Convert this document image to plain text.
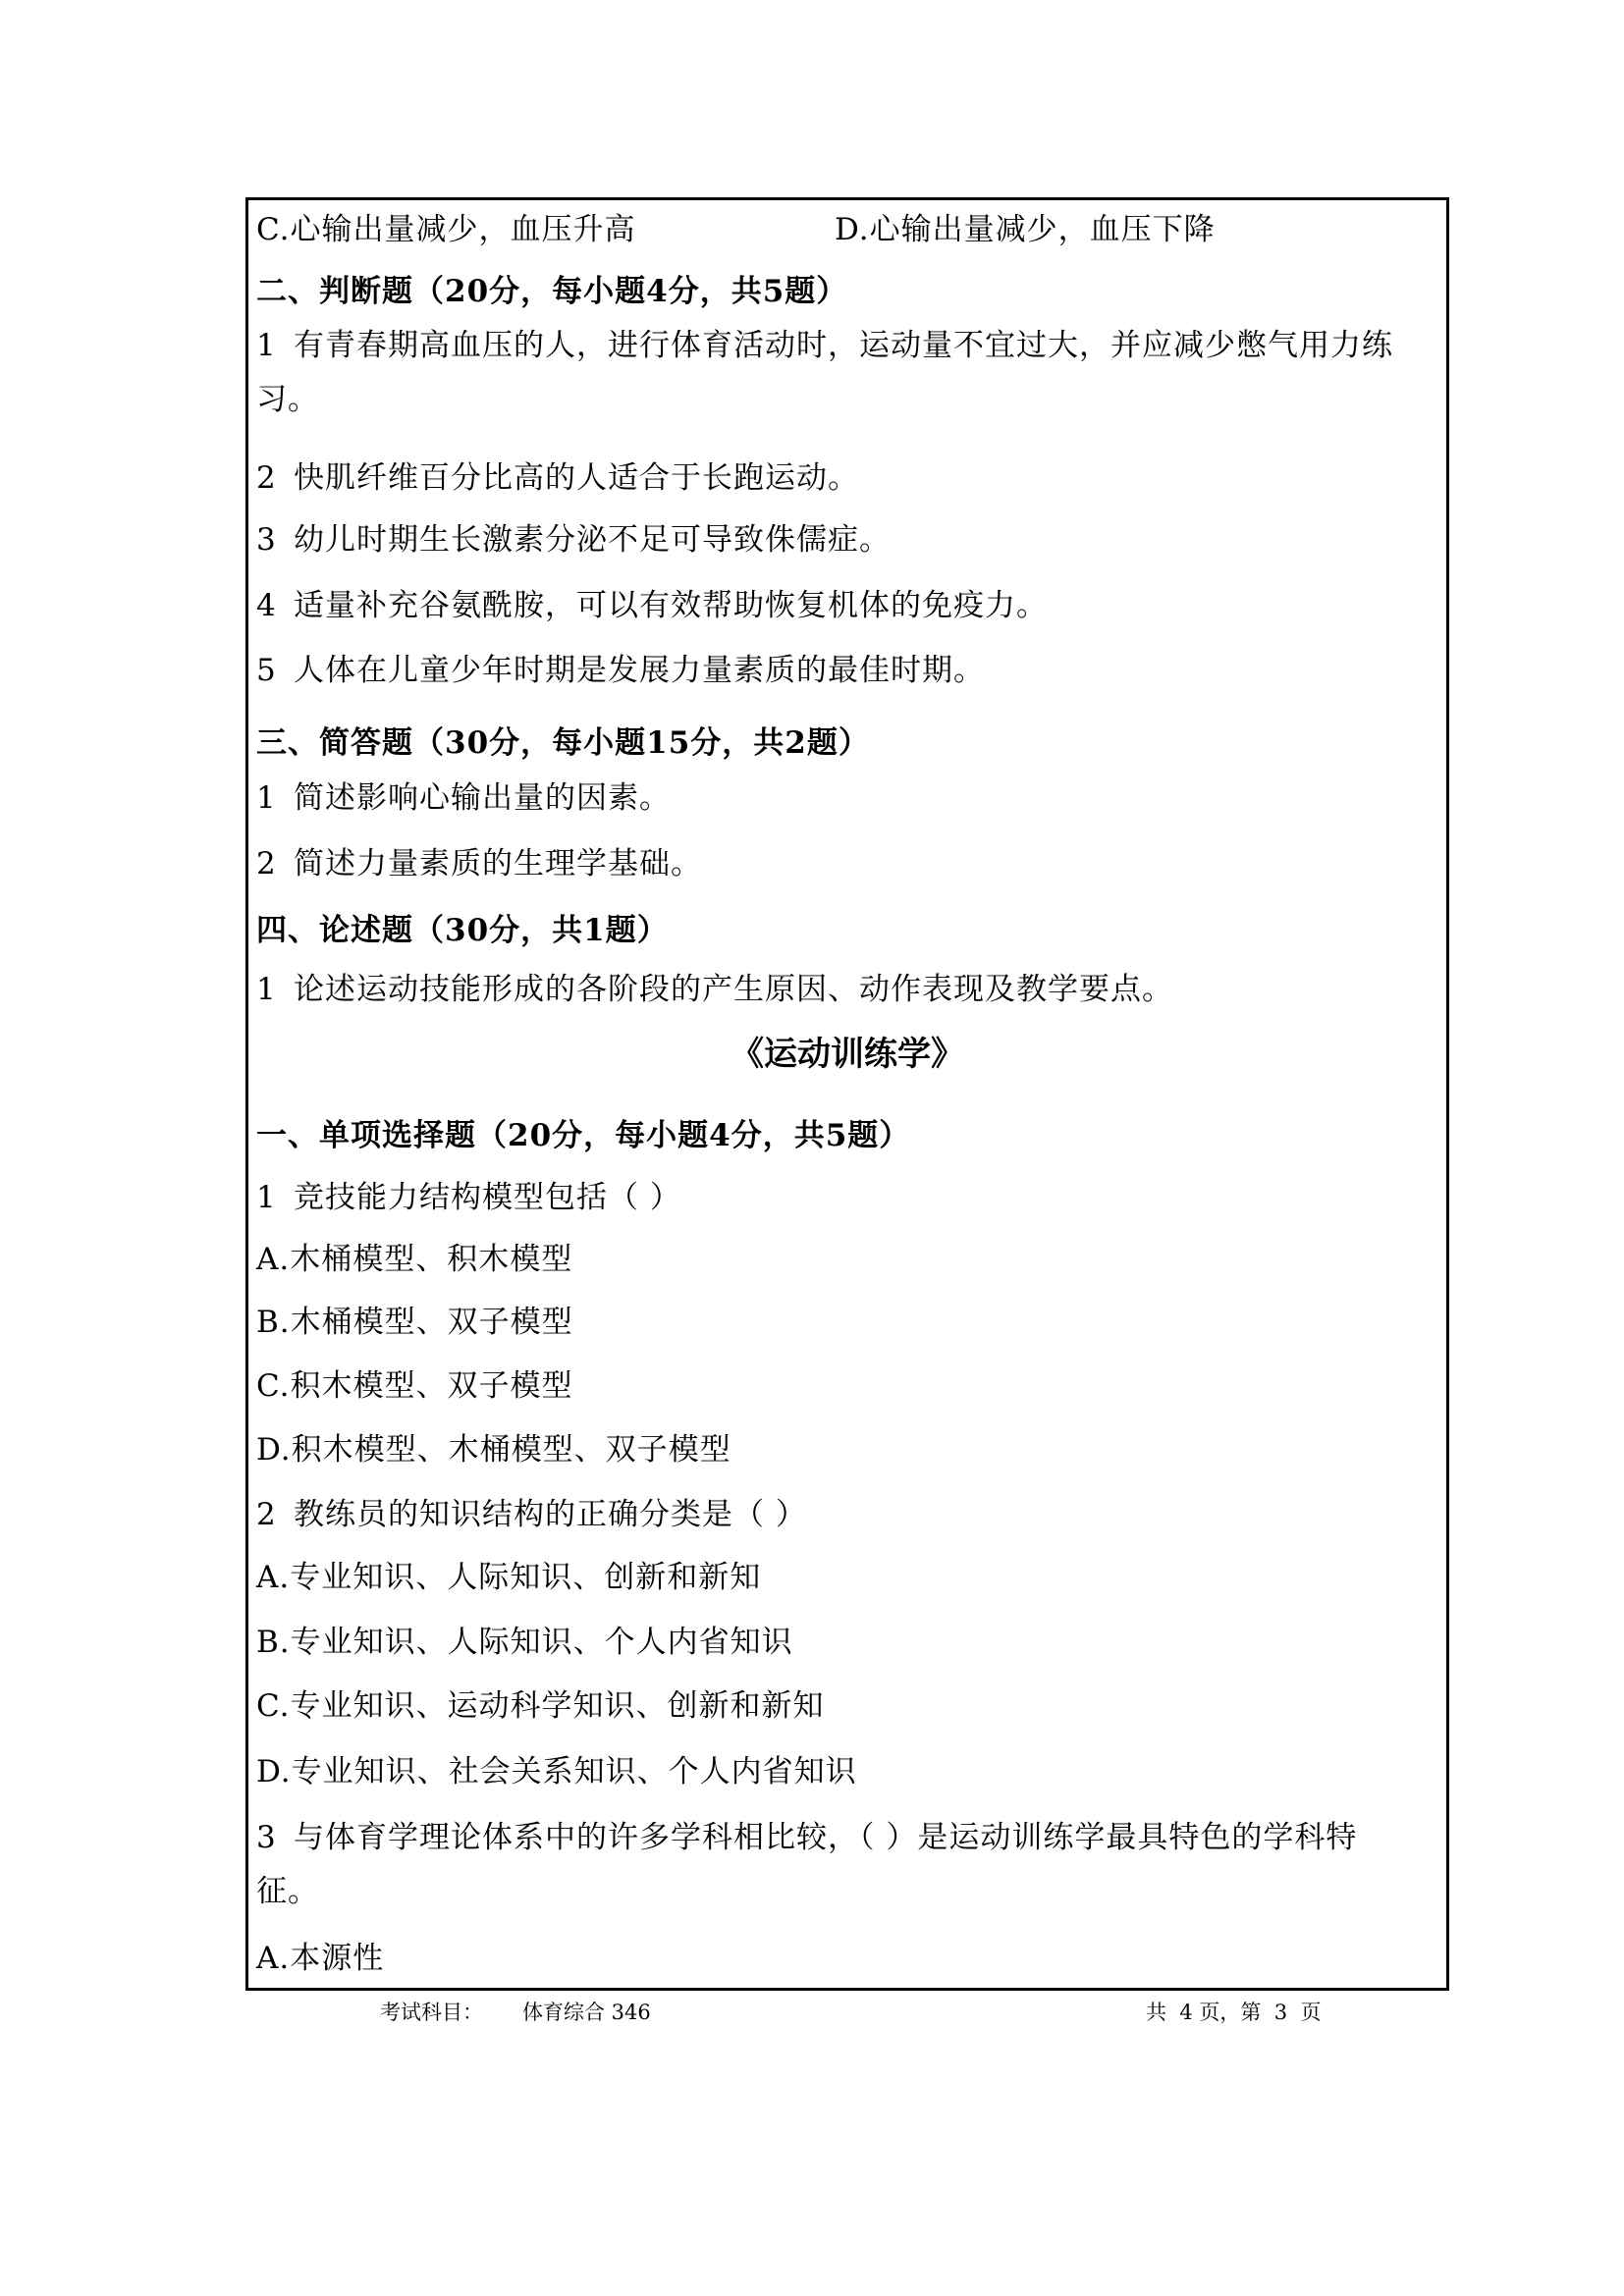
C.心输出量减少，血压升高	D.心输出量减少，血压下降
二、判断题（20分，每小题4分，共5题）
1 有青春期高血压的人，进行体育活动时，运动量不宜过大，并应减少憋气用力练
习。
2 快肌纤维百分比高的人适合于长跑运动。
3 幼儿时期生长激素分泌不足可导致侏儒症。
4 适量补充谷氨酰胺，可以有效帮助恢复机体的免疫力。
5 人体在儿童少年时期是发展力量素质的最佳时期。
三、简答题（30分，每小题15分，共2题）
1 简述影响心输出量的因素。
2 简述力量素质的生理学基础。
四、论述题（30分，共1题）
1 论述运动技能形成的各阶段的产生原因、动作表现及教学要点。
《运动训练学》
一、单项选择题（20分，每小题4分，共5题）
1 竞技能力结构模型包括（ ）
A.木桶模型、积木模型
B.木桶模型、双子模型
C.积木模型、双子模型
D.积木模型、木桶模型、双子模型
2 教练员的知识结构的正确分类是（ ）
A.专业知识、人际知识、创新和新知
B.专业知识、人际知识、个人内省知识
C.专业知识、运动科学知识、创新和新知
D.专业知识、社会关系知识、个人内省知识
3 与体育学理论体系中的许多学科相比较，（ ）是运动训练学最具特色的学科特
征。
A.本源性
考试科目： 体育综合 346	共  4 页，第  3  页
